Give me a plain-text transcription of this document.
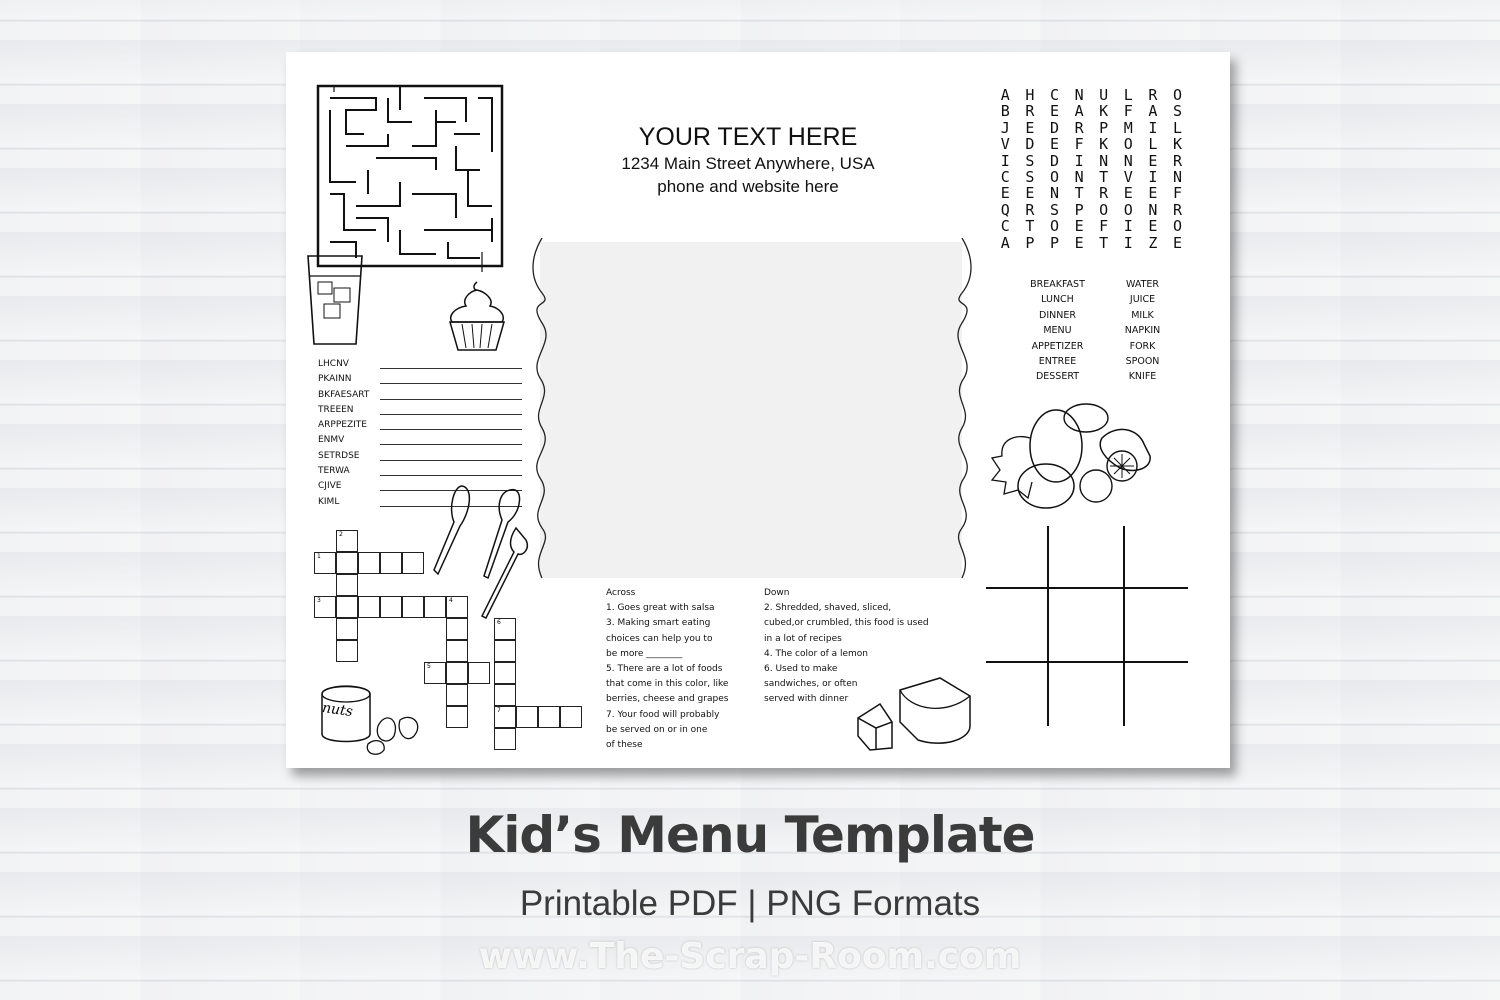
YOUR TEXT HERE
1234 Main Street Anywhere, USA
phone and website here
LHCNV
PKAINN
BKFAESART
TREEEN
ARPPEZITE
ENMV
SETRDSE
TERWA
CJIVE
KIML
2
1
3	4
6
5
7
nuts
Across
1. Goes great with salsa
3. Making smart eating
choices can help you to
be more ________
5. There are a lot of foods
that come in this color, like
berries, cheese and grapes
7. Your food will probably
be served on or in one
of these
Down
2. Shredded, shaved, sliced,
cubed,or crumbled, this food is used
in a lot of recipes
4. The color of a lemon
6. Used to make
sandwiches, or often
served with dinner
A	H	C	N	U	L	R	O
B	R	E	A	K	F	A	S
J	E	D	R	P	M	I	L
V	D	E	F	K	O	L	K
I	S	D	I	N	N	E	R
C	S	O	N	T	V	I	N
E	E	N	T	R	E	E	F
Q	R	S	P	O	O	N	R
C	T	O	E	F	I	E	O
A	P	P	E	T	I	Z	E
BREAKFAST	WATER
LUNCH	JUICE
DINNER	MILK
MENU	NAPKIN
APPETIZER	FORK
ENTREE	SPOON
DESSERT	KNIFE
Kid’s Menu Template
Printable PDF | PNG Formats
www.The-Scrap-Room.com
